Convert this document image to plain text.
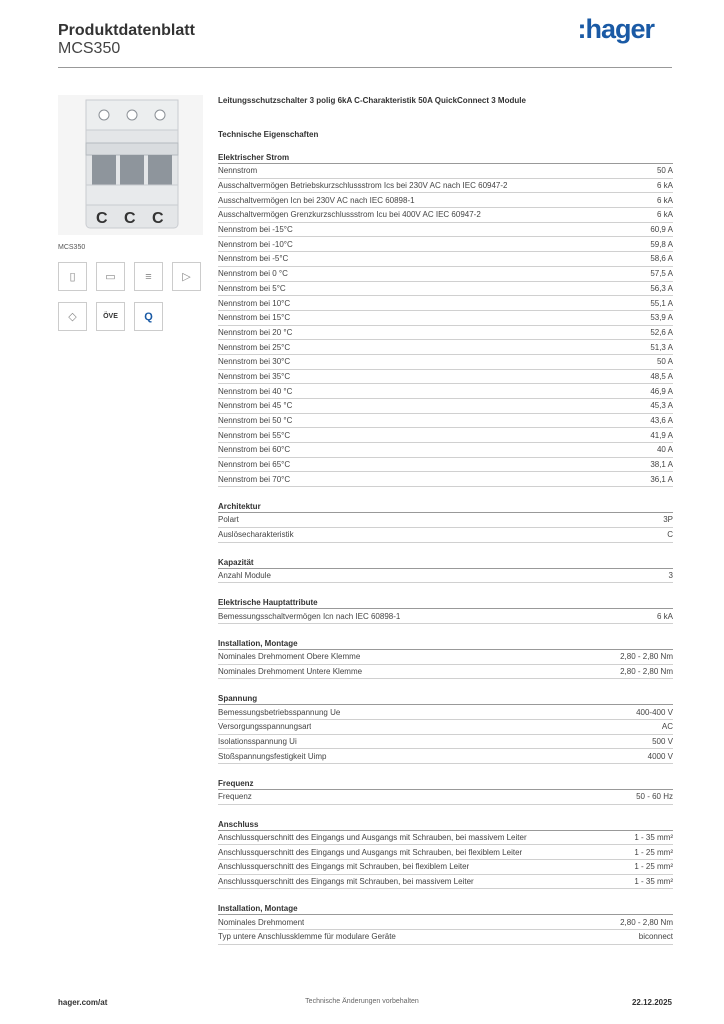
Produktdatenblatt
MCS350
:hager
C C C
MCS350
▯	▭	≡	▷
◇	ÖVE	Q
Leitungsschutzschalter 3 polig 6kA C-Charakteristik 50A QuickConnect 3 Module
Technische Eigenschaften
Elektrischer Strom
Nennstrom	50 A
Ausschaltvermögen Betriebskurzschlussstrom Ics bei 230V AC nach IEC 60947-2	6 kA
Ausschaltvermögen Icn bei 230V AC nach IEC 60898-1	6 kA
Ausschaltvermögen Grenzkurzschlussstrom Icu bei 400V AC IEC 60947-2	6 kA
Nennstrom bei -15°C	60,9 A
Nennstrom bei -10°C	59,8 A
Nennstrom bei -5°C	58,6 A
Nennstrom bei 0 °C	57,5 A
Nennstrom bei 5°C	56,3 A
Nennstrom bei 10°C	55,1 A
Nennstrom bei 15°C	53,9 A
Nennstrom bei 20 °C	52,6 A
Nennstrom bei 25°C	51,3 A
Nennstrom bei 30°C	50 A
Nennstrom bei 35°C	48,5 A
Nennstrom bei 40 °C	46,9 A
Nennstrom bei 45 °C	45,3 A
Nennstrom bei 50 °C	43,6 A
Nennstrom bei 55°C	41,9 A
Nennstrom bei 60°C	40 A
Nennstrom bei 65°C	38,1 A
Nennstrom bei 70°C	36,1 A
Architektur
Polart	3P
Auslösecharakteristik	C
Kapazität
Anzahl Module	3
Elektrische Hauptattribute
Bemessungsschaltvermögen Icn nach IEC 60898-1	6 kA
Installation, Montage
Nominales Drehmoment Obere Klemme	2,80 - 2,80 Nm
Nominales Drehmoment Untere Klemme	2,80 - 2,80 Nm
Spannung
Bemessungsbetriebsspannung Ue	400-400 V
Versorgungsspannungsart	AC
Isolationsspannung Ui	500 V
Stoßspannungsfestigkeit Uimp	4000 V
Frequenz
Frequenz	50 - 60 Hz
Anschluss
Anschlussquerschnitt des Eingangs und Ausgangs mit Schrauben, bei massivem Leiter	1 - 35 mm²
Anschlussquerschnitt des Eingangs und Ausgangs mit Schrauben, bei flexiblem Leiter	1 - 25 mm²
Anschlussquerschnitt des Eingangs mit Schrauben, bei flexiblem Leiter	1 - 25 mm²
Anschlussquerschnitt des Eingangs mit Schrauben, bei massivem Leiter	1 - 35 mm²
Installation, Montage
Nominales Drehmoment	2,80 - 2,80 Nm
Typ untere Anschlussklemme für modulare Geräte	biconnect
hager.com/at	Technische Änderungen vorbehalten	22.12.2025
